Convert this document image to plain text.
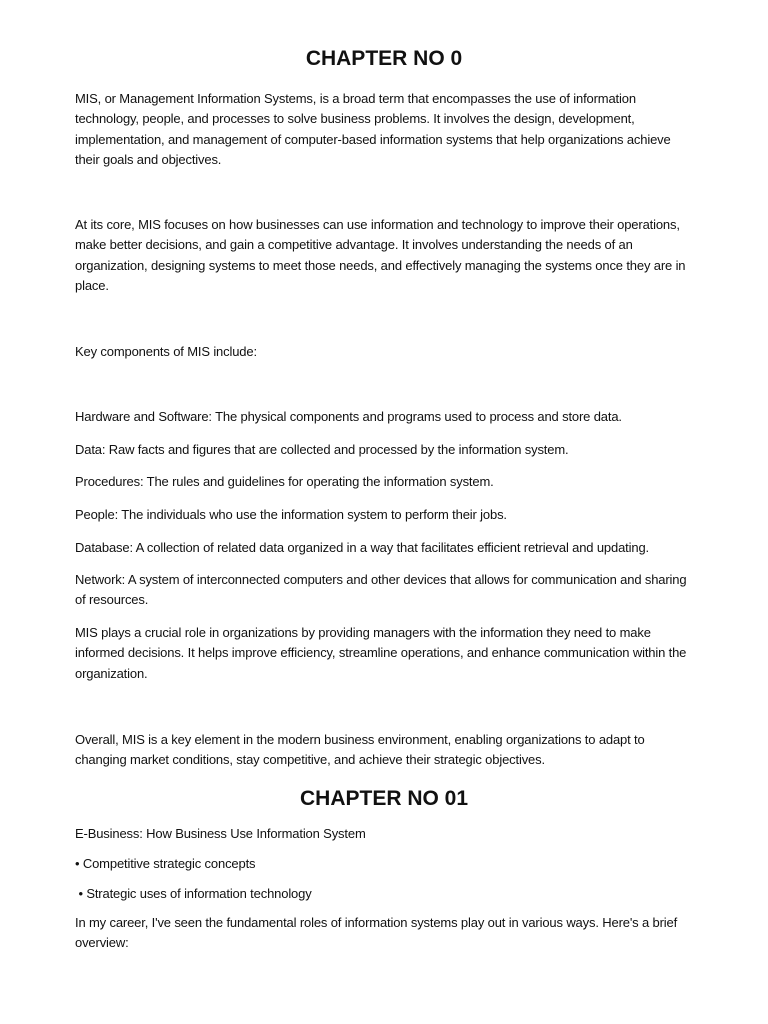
CHAPTER NO 0

MIS, or Management Information Systems, is a broad term that encompasses the use of information technology, people, and processes to solve business problems. It involves the design, development, implementation, and management of computer-based information systems that help organizations achieve their goals and objectives.

At its core, MIS focuses on how businesses can use information and technology to improve their operations, make better decisions, and gain a competitive advantage. It involves understanding the needs of an organization, designing systems to meet those needs, and effectively managing the systems once they are in place.

Key components of MIS include:

Hardware and Software: The physical components and programs used to process and store data.

Data: Raw facts and figures that are collected and processed by the information system.

Procedures: The rules and guidelines for operating the information system.

People: The individuals who use the information system to perform their jobs.

Database: A collection of related data organized in a way that facilitates efficient retrieval and updating.

Network: A system of interconnected computers and other devices that allows for communication and sharing of resources.

MIS plays a crucial role in organizations by providing managers with the information they need to make informed decisions. It helps improve efficiency, streamline operations, and enhance communication within the organization.

Overall, MIS is a key element in the modern business environment, enabling organizations to adapt to changing market conditions, stay competitive, and achieve their strategic objectives.

CHAPTER NO 01

E-Business: How Business Use Information System

• Competitive strategic concepts

• Strategic uses of information technology

In my career, I've seen the fundamental roles of information systems play out in various ways. Here's a brief overview:
